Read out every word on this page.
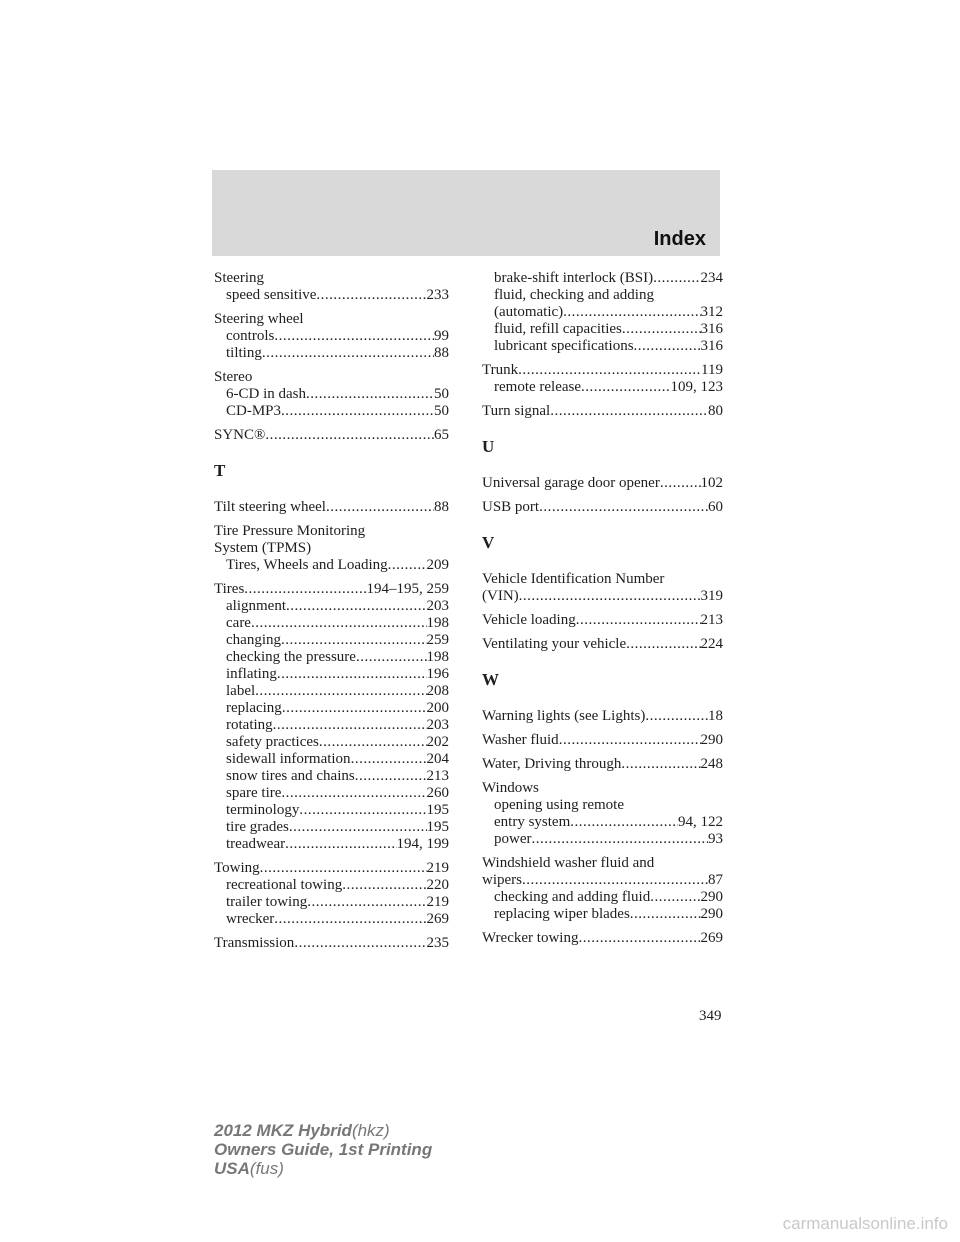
Index
Steering
speed sensitive .....	233
Steering wheel
controls .....	99
tilting .....	88
Stereo
6-CD in dash .....	50
CD-MP3 .....	50
SYNC® .....	65
T
Tilt steering wheel .....	88
Tire Pressure Monitoring
System (TPMS)
Tires, Wheels and Loading .....	209
Tires .....	194–195, 259
alignment .....	203
care .....	198
changing .....	259
checking the pressure .....	198
inflating .....	196
label .....	208
replacing .....	200
rotating .....	203
safety practices .....	202
sidewall information .....	204
snow tires and chains .....	213
spare tire .....	260
terminology .....	195
tire grades .....	195
treadwear .....	194, 199
Towing .....	219
recreational towing .....	220
trailer towing .....	219
wrecker .....	269
Transmission .....	235
brake-shift interlock (BSI) .....	234
fluid, checking and adding
(automatic) .....	312
fluid, refill capacities .....	316
lubricant specifications .....	316
Trunk .....	119
remote release .....	109, 123
Turn signal .....	80
U
Universal garage door opener .....	102
USB port .....	60
V
Vehicle Identification Number
(VIN) .....	319
Vehicle loading .....	213
Ventilating your vehicle .....	224
W
Warning lights (see Lights) .....	18
Washer fluid .....	290
Water, Driving through .....	248
Windows
opening using remote
entry system .....	94, 122
power .....	93
Windshield washer fluid and
wipers .....	87
checking and adding fluid .....	290
replacing wiper blades .....	290
Wrecker towing .....	269
349
2012 MKZ Hybrid(hkz)
Owners Guide, 1st Printing
USA(fus)
carmanualsonline.info
